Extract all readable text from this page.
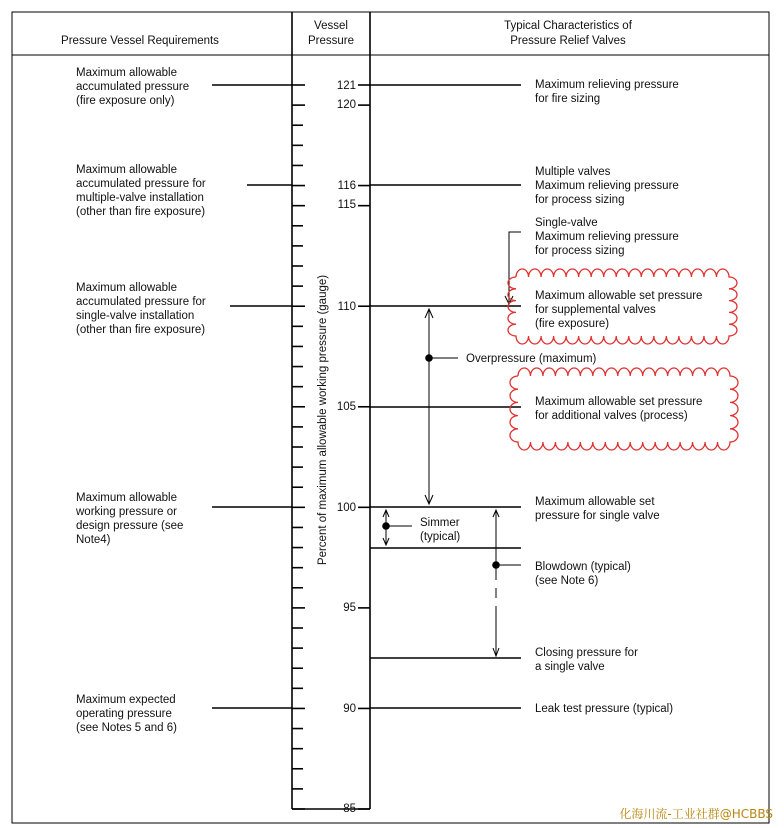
Pressure Vessel Requirements
Vessel
Pressure
Typical Characteristics of
Pressure Relief Valves
121
120
116
115
110
105
100
95
90
85
Percent of maximum allowable working pressure (gauge)
Maximum allowable accumulated pressure (fire exposure only)
Maximum allowable accumulated pressure for multiple-valve installation (other than fire exposure)
Maximum allowable accumulated pressure for single-valve installation (other than fire exposure)
Maximum allowable working pressure or design pressure (see Note4)
Maximum expected operating pressure (see Notes 5 and 6)
Maximum relieving pressure for fire sizing
Multiple valves Maximum relieving pressure for process sizing
Single-valve Maximum relieving pressure for process sizing
Maximum allowable set pressure for supplemental valves (fire exposure)
Maximum allowable set pressure for additional valves (process)
Maximum allowable set pressure for single valve
Blowdown (typical) (see Note 6)
Closing pressure for a single valve
Leak test pressure (typical)
Overpressure (maximum)
Simmer (typical)
化海川流-工业社群@HCBBS
